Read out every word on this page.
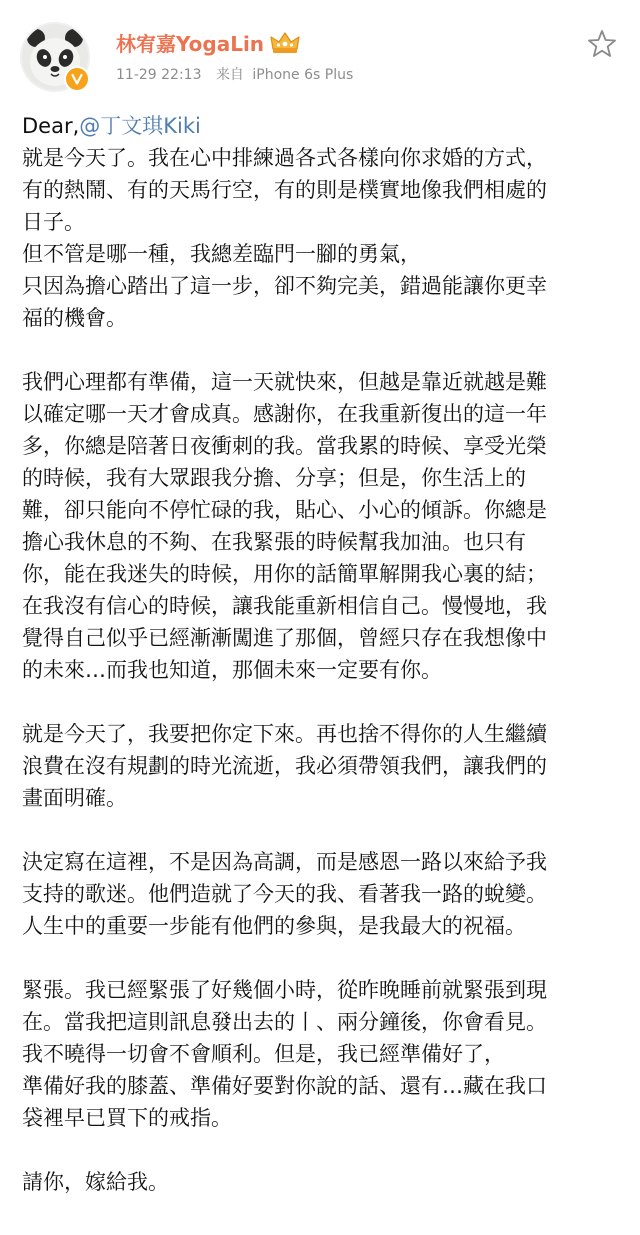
林宥嘉YogaLin
11-29 22:13 来自 iPhone 6s Plus
Dear,@丁文琪Kiki

就是今天了。我在心中排練過各式各樣向你求婚的方式，
有的熱鬧、有的天馬行空，有的則是樸實地像我們相處的
日子。
但不管是哪一種，我總差臨門一腳的勇氣，
只因為擔心踏出了這一步，卻不夠完美，錯過能讓你更幸
福的機會。

我們心理都有準備，這一天就快來，但越是靠近就越是難
以確定哪一天才會成真。感謝你，在我重新復出的這一年
多，你總是陪著日夜衝刺的我。當我累的時候、享受光榮
的時候，我有大眾跟我分擔、分享；但是，你生活上的
難，卻只能向不停忙碌的我，貼心、小心的傾訴。你總是
擔心我休息的不夠、在我緊張的時候幫我加油。也只有
你，能在我迷失的時候，用你的話簡單解開我心裏的結；
在我沒有信心的時候，讓我能重新相信自己。慢慢地，我
覺得自己似乎已經漸漸闖進了那個，曾經只存在我想像中
的未來…而我也知道，那個未來一定要有你。

就是今天了，我要把你定下來。再也捨不得你的人生繼續
浪費在沒有規劃的時光流逝，我必須帶領我們，讓我們的
畫面明確。

決定寫在這裡，不是因為高調，而是感恩一路以來給予我
支持的歌迷。他們造就了今天的我、看著我一路的蛻變。
人生中的重要一步能有他們的參與，是我最大的祝福。

緊張。我已經緊張了好幾個小時，從昨晚睡前就緊張到現
在。當我把這則訊息發出去的丨、兩分鐘後，你會看見。
我不曉得一切會不會順利。但是，我已經準備好了，
準備好我的膝蓋、準備好要對你說的話、還有…藏在我口
袋裡早已買下的戒指。

請你，嫁給我。
